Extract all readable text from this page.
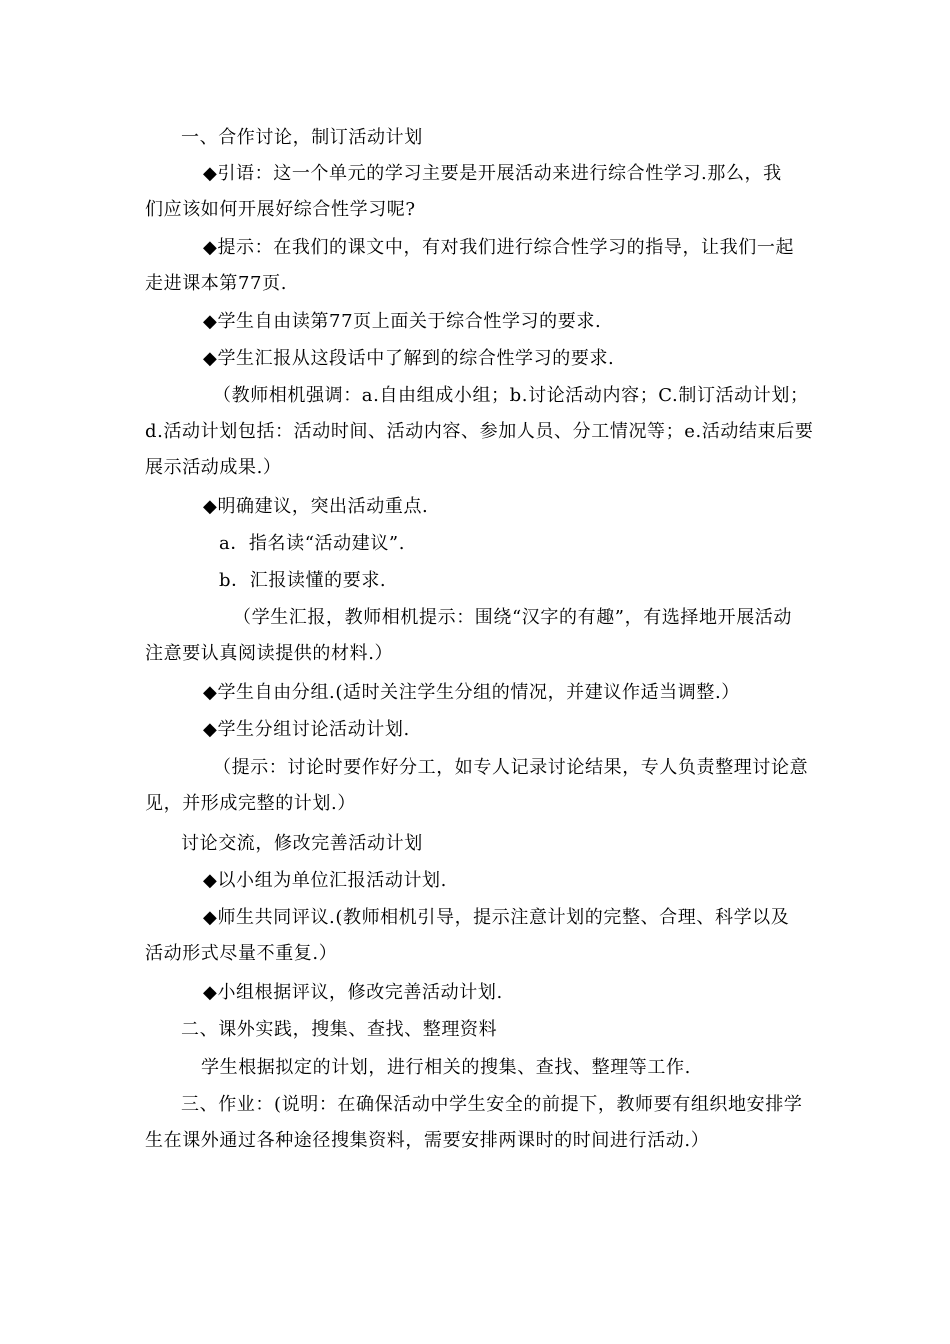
一、合作讨论，制订活动计划

◆引语：这一个单元的学习主要是开展活动来进行综合性学习.那么，我
们应该如何开展好综合性学习呢?

◆提示：在我们的课文中，有对我们进行综合性学习的指导，让我们一起
走进课本第77页.

◆学生自由读第77页上面关于综合性学习的要求.

◆学生汇报从这段话中了解到的综合性学习的要求.

（教师相机强调：a.自由组成小组；b.讨论活动内容；C.制订活动计划；
d.活动计划包括：活动时间、活动内容、参加人员、分工情况等；e.活动结束后要
展示活动成果.）

◆明确建议，突出活动重点.

a．指名读“活动建议”.

b．汇报读懂的要求.

（学生汇报，教师相机提示：围绕“汉字的有趣”，有选择地开展活动
注意要认真阅读提供的材料.）

◆学生自由分组.(适时关注学生分组的情况，并建议作适当调整.）

◆学生分组讨论活动计划.

（提示：讨论时要作好分工，如专人记录讨论结果，专人负责整理讨论意
见，并形成完整的计划.）

讨论交流，修改完善活动计划

◆以小组为单位汇报活动计划.

◆师生共同评议.(教师相机引导，提示注意计划的完整、合理、科学以及
活动形式尽量不重复.）

◆小组根据评议，修改完善活动计划.

二、课外实践，搜集、查找、整理资料

学生根据拟定的计划，进行相关的搜集、查找、整理等工作.

三、作业：(说明：在确保活动中学生安全的前提下，教师要有组织地安排学
生在课外通过各种途径搜集资料，需要安排两课时的时间进行活动.）
